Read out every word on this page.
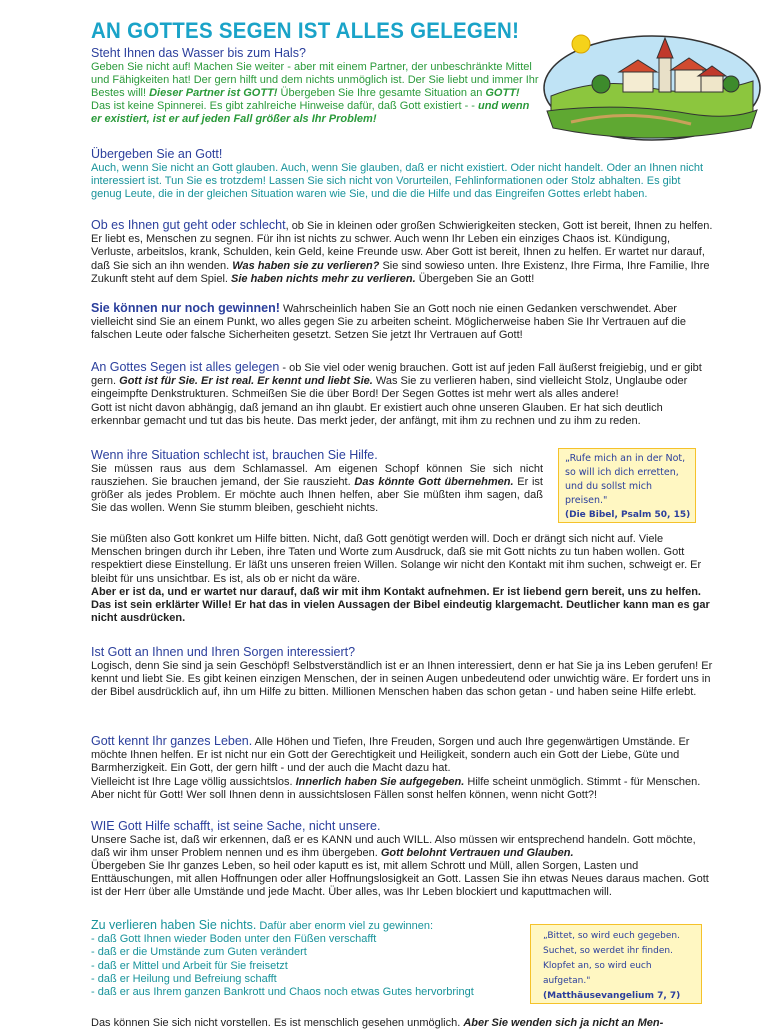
AN GOTTES SEGEN IST ALLES GELEGEN!

Steht Ihnen das Wasser bis zum Hals?

Geben Sie nicht auf! Machen Sie weiter - aber mit einem Partner, der unbeschränkte Mittel und Fähigkeiten hat! Der gern hilft und dem nichts unmöglich ist. Der Sie liebt und immer Ihr Bestes will! Dieser Partner ist GOTT! Übergeben Sie Ihre gesamte Situation an GOTT! Das ist keine Spinnerei. Es gibt zahlreiche Hinweise dafür, daß Gott existiert - - und wenn er existiert, ist er auf jeden Fall größer als Ihr Problem!

Übergeben Sie an Gott!

Auch, wenn Sie nicht an Gott glauben. Auch, wenn Sie glauben, daß er nicht existiert. Oder nicht handelt. Oder an Ihnen nicht interessiert ist. Tun Sie es trotzdem! Lassen Sie sich nicht von Vorurteilen, Fehlinformationen oder Stolz abhalten. Es gibt genug Leute, die in der gleichen Situation waren wie Sie, und die die Hilfe und das Eingreifen Gottes erlebt haben.

Ob es Ihnen gut geht oder schlecht, ob Sie in kleinen oder großen Schwierigkeiten stecken, Gott ist bereit, Ihnen zu helfen. Er liebt es, Menschen zu segnen. Für ihn ist nichts zu schwer. Auch wenn Ihr Leben ein einziges Chaos ist. Kündigung, Verluste, arbeitslos, krank, Schulden, kein Geld, keine Freunde usw. Aber Gott ist bereit, Ihnen zu helfen. Er wartet nur darauf, daß Sie sich an ihn wenden. Was haben sie zu verlieren? Sie sind sowieso unten. Ihre Existenz, Ihre Firma, Ihre Familie, Ihre Zukunft steht auf dem Spiel. Sie haben nichts mehr zu verlieren. Übergeben Sie an Gott!

Sie können nur noch gewinnen! Wahrscheinlich haben Sie an Gott noch nie einen Gedanken verschwendet. Aber vielleicht sind Sie an einem Punkt, wo alles gegen Sie zu arbeiten scheint. Möglicherweise haben Sie Ihr Vertrauen auf die falschen Leute oder falsche Sicherheiten gesetzt. Setzen Sie jetzt Ihr Vertrauen auf Gott!

An Gottes Segen ist alles gelegen - ob Sie viel oder wenig brauchen. Gott ist auf jeden Fall äußerst freigiebig, und er gibt gern. Gott ist für Sie. Er ist real. Er kennt und liebt Sie. Was Sie zu verlieren haben, sind vielleicht Stolz, Unglaube oder eingeimpfte Denkstrukturen. Schmeißen Sie die über Bord! Der Segen Gottes ist mehr wert als alles andere!

Gott ist nicht davon abhängig, daß jemand an ihn glaubt. Er existiert auch ohne unseren Glauben. Er hat sich deutlich erkennbar gemacht und tut das bis heute. Das merkt jeder, der anfängt, mit ihm zu rechnen und zu ihm zu reden.

Wenn ihre Situation schlecht ist, brauchen Sie Hilfe.

Sie müssen raus aus dem Schlamassel. Am eigenen Schopf können Sie sich nicht rausziehen. Sie brauchen jemand, der Sie rauszieht. Das könnte Gott übernehmen. Er ist größer als jedes Problem. Er möchte auch Ihnen helfen, aber Sie müßten ihm sagen, daß Sie das wollen. Wenn Sie stumm bleiben, geschieht nichts.

„Rufe mich an in der Not, so will ich dich erretten, und du sollst mich preisen."
(Die Bibel, Psalm 50, 15)

Sie müßten also Gott konkret um Hilfe bitten. Nicht, daß Gott genötigt werden will. Doch er drängt sich nicht auf. Viele Menschen bringen durch ihr Leben, ihre Taten und Worte zum Ausdruck, daß sie mit Gott nichts zu tun haben wollen. Gott respektiert diese Einstellung. Er läßt uns unseren freien Willen. Solange wir nicht den Kontakt mit ihm suchen, schweigt er. Er bleibt für uns unsichtbar. Es ist, als ob er nicht da wäre.

Aber er ist da, und er wartet nur darauf, daß wir mit ihm Kontakt aufnehmen. Er ist liebend gern bereit, uns zu helfen. Das ist sein erklärter Wille! Er hat das in vielen Aussagen der Bibel eindeutig klargemacht. Deutlicher kann man es gar nicht ausdrücken.

Ist Gott an Ihnen und Ihren Sorgen interessiert?

Logisch, denn Sie sind ja sein Geschöpf! Selbstverständlich ist er an Ihnen interessiert, denn er hat Sie ja ins Leben gerufen! Er kennt und liebt Sie. Es gibt keinen einzigen Menschen, der in seinen Augen unbedeutend oder unwichtig wäre. Er fordert uns in der Bibel ausdrücklich auf, ihn um Hilfe zu bitten. Millionen Menschen haben das schon getan - und haben seine Hilfe erlebt.

Gott kennt Ihr ganzes Leben. Alle Höhen und Tiefen, Ihre Freuden, Sorgen und auch Ihre gegenwärtigen Umstände. Er möchte Ihnen helfen. Er ist nicht nur ein Gott der Gerechtigkeit und Heiligkeit, sondern auch ein Gott der Liebe, Güte und Barmherzigkeit. Ein Gott, der gern hilft - und der auch die Macht dazu hat.

Vielleicht ist Ihre Lage völlig aussichtslos. Innerlich haben Sie aufgegeben. Hilfe scheint unmöglich. Stimmt - für Menschen. Aber nicht für Gott! Wer soll Ihnen denn in aussichtslosen Fällen sonst helfen können, wenn nicht Gott?!

WIE Gott Hilfe schafft, ist seine Sache, nicht unsere.

Unsere Sache ist, daß wir erkennen, daß er es KANN und auch WILL. Also müssen wir entsprechend handeln. Gott möchte, daß wir ihm unser Problem nennen und es ihm übergeben. Gott belohnt Vertrauen und Glauben.

Übergeben Sie Ihr ganzes Leben, so heil oder kaputt es ist, mit allem Schrott und Müll, allen Sorgen, Lasten und Enttäuschungen, mit allen Hoffnungen oder aller Hoffnungslosigkeit an Gott. Lassen Sie ihn etwas Neues daraus machen. Gott ist der Herr über alle Umstände und jede Macht. Über alles, was Ihr Leben blockiert und kaputtmachen will.

Zu verlieren haben Sie nichts. Dafür aber enorm viel zu gewinnen:

- daß Gott Ihnen wieder Boden unter den Füßen verschafft

- daß er die Umstände zum Guten verändert

- daß er Mittel und Arbeit für Sie freisetzt

- daß er Heilung und Befreiung schafft

- daß er aus Ihrem ganzen Bankrott und Chaos noch etwas Gutes hervorbringt

„Bittet, so wird euch gegeben. Suchet, so werdet ihr finden. Klopfet an, so wird euch aufgetan."
(Matthäusevangelium 7, 7)

Das können Sie sich nicht vorstellen. Es ist menschlich gesehen unmöglich. Aber Sie wenden sich ja nicht an Men-
